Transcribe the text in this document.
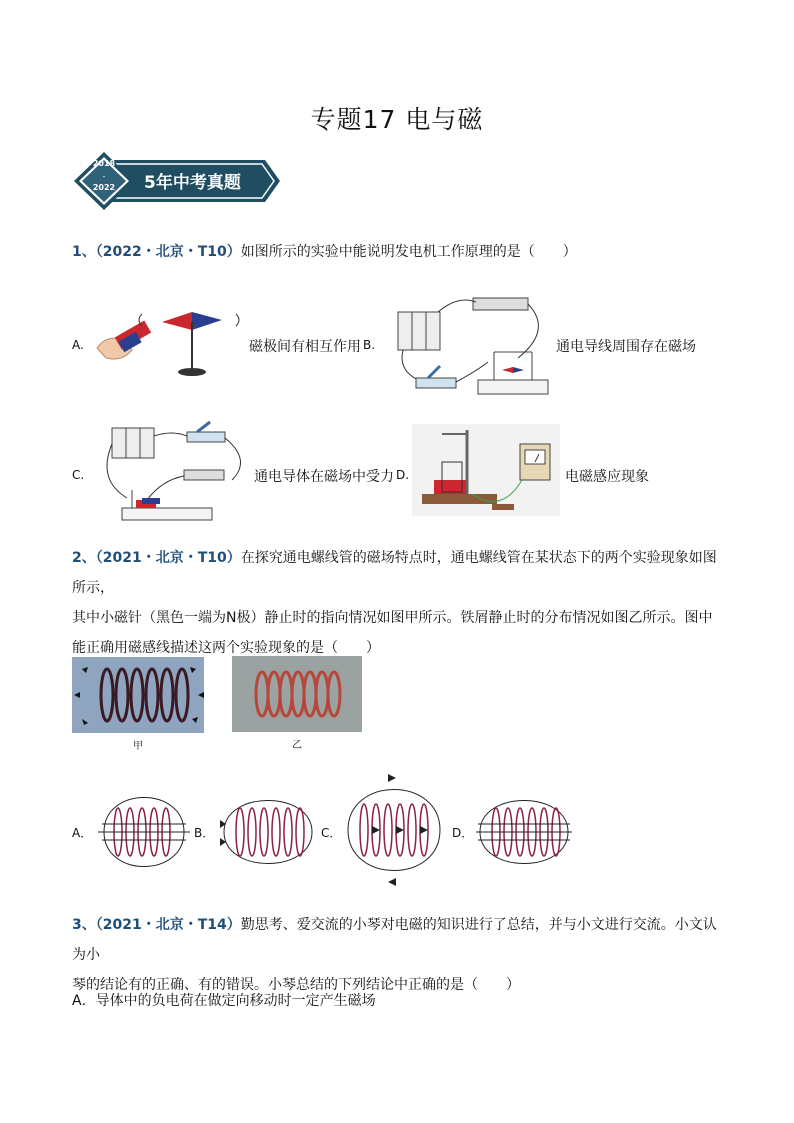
专题17 电与磁
2018
-
2022 5年中考真题
1、（2022・北京・T10）如图所示的实验中能说明发电机工作原理的是（　　）
A.	磁极间有相互作用 B.	通电导线周围存在磁场
C.	通电导体在磁场中受力 D.	电磁感应现象
2、（2021・北京・T10）在探究通电螺线管的磁场特点时，通电螺线管在某状态下的两个实验现象如图所示，
其中小磁针（黑色一端为N极）静止时的指向情况如图甲所示。铁屑静止时的分布情况如图乙所示。图中
能正确用磁感线描述这两个实验现象的是（　　）
甲	乙
A．	B．	C．	D．
3、（2021・北京・T14）勤思考、爱交流的小琴对电磁的知识进行了总结，并与小文进行交流。小文认为小
琴的结论有的正确、有的错误。小琴总结的下列结论中正确的是（　　）
A．导体中的负电荷在做定向移动时一定产生磁场
